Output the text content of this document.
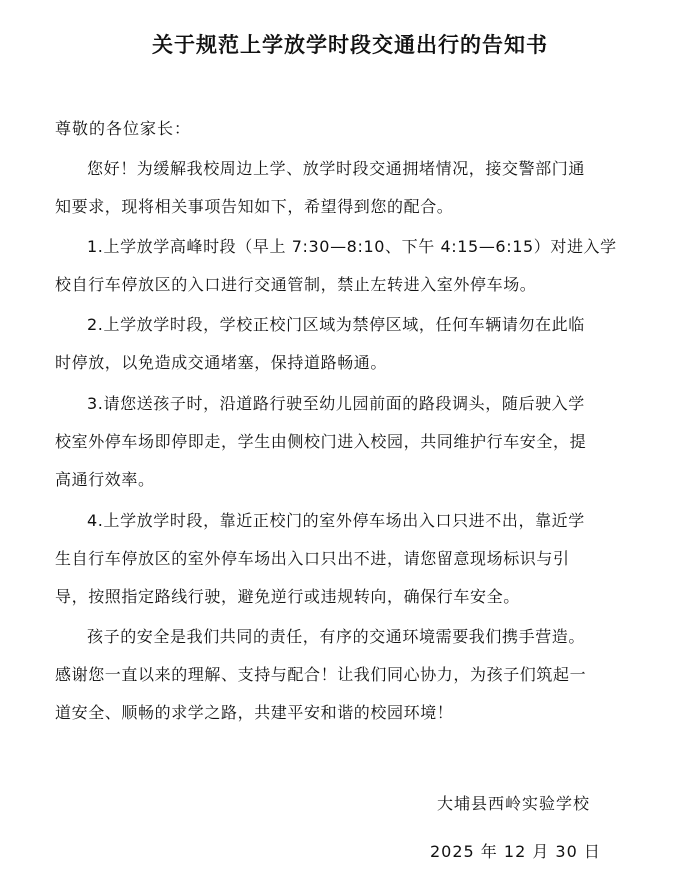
关于规范上学放学时段交通出行的告知书
尊敬的各位家长：
您好！为缓解我校周边上学、放学时段交通拥堵情况，接交警部门通
知要求，现将相关事项告知如下，希望得到您的配合。
1.上学放学高峰时段（早上 7:30—8:10、下午 4:15—6:15）对进入学
校自行车停放区的入口进行交通管制，禁止左转进入室外停车场。
2.上学放学时段，学校正校门区域为禁停区域，任何车辆请勿在此临
时停放，以免造成交通堵塞，保持道路畅通。
3.请您送孩子时，沿道路行驶至幼儿园前面的路段调头，随后驶入学
校室外停车场即停即走，学生由侧校门进入校园，共同维护行车安全，提
高通行效率。
4.上学放学时段，靠近正校门的室外停车场出入口只进不出，靠近学
生自行车停放区的室外停车场出入口只出不进，请您留意现场标识与引
导，按照指定路线行驶，避免逆行或违规转向，确保行车安全。
孩子的安全是我们共同的责任，有序的交通环境需要我们携手营造。
感谢您一直以来的理解、支持与配合！让我们同心协力，为孩子们筑起一
道安全、顺畅的求学之路，共建平安和谐的校园环境！
大埔县西岭实验学校
2025 年 12 月 30 日
